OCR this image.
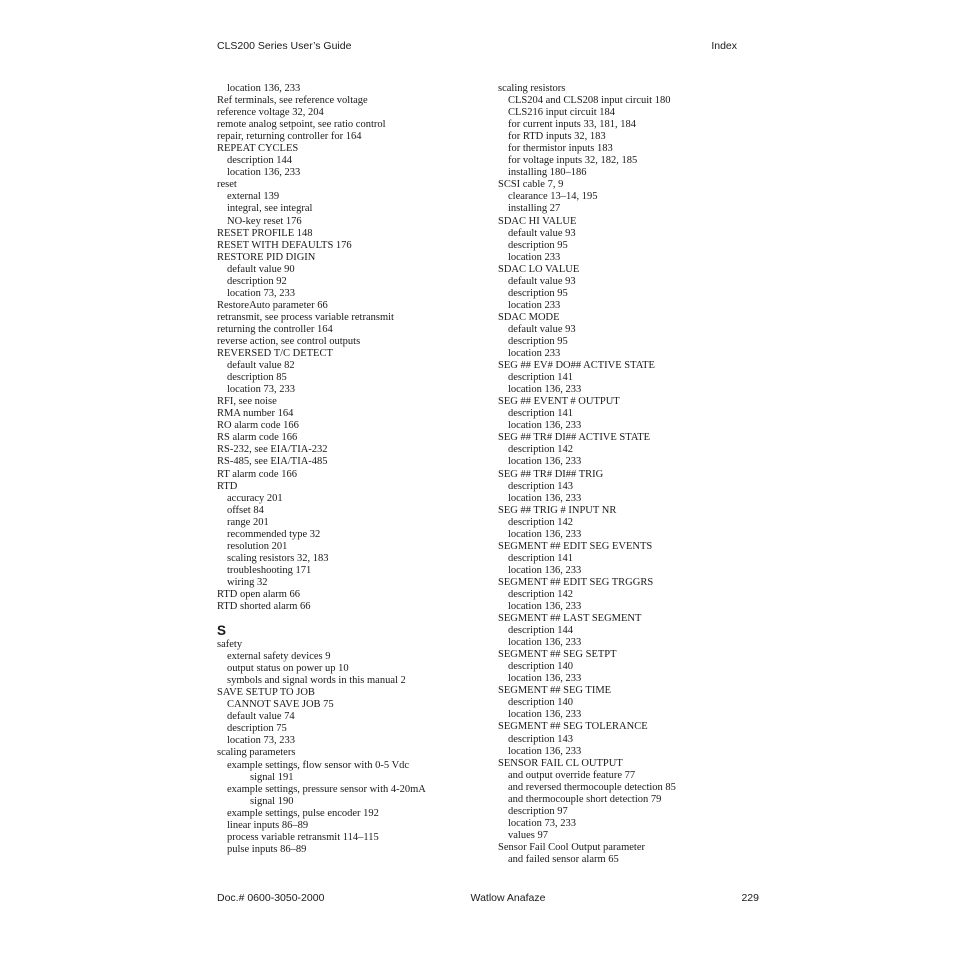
CLS200 Series User’s Guide	Index
location 136, 233
Ref terminals, see reference voltage
reference voltage 32, 204
remote analog setpoint, see ratio control
repair, returning controller for 164
REPEAT CYCLES
description 144
location 136, 233
reset
external 139
integral, see integral
NO-key reset 176
RESET PROFILE 148
RESET WITH DEFAULTS 176
RESTORE PID DIGIN
default value 90
description 92
location 73, 233
RestoreAuto parameter 66
retransmit, see process variable retransmit
returning the controller 164
reverse action, see control outputs
REVERSED T/C DETECT
default value 82
description 85
location 73, 233
RFI, see noise
RMA number 164
RO alarm code 166
RS alarm code 166
RS-232, see EIA/TIA-232
RS-485, see EIA/TIA-485
RT alarm code 166
RTD
accuracy 201
offset 84
range 201
recommended type 32
resolution 201
scaling resistors 32, 183
troubleshooting 171
wiring 32
RTD open alarm 66
RTD shorted alarm 66
S
safety
external safety devices 9
output status on power up 10
symbols and signal words in this manual 2
SAVE SETUP TO JOB
CANNOT SAVE JOB 75
default value 74
description 75
location 73, 233
scaling parameters
example settings, flow sensor with 0-5 Vdc
signal 191
example settings, pressure sensor with 4-20mA
signal 190
example settings, pulse encoder 192
linear inputs 86–89
process variable retransmit 114–115
pulse inputs 86–89
scaling resistors
CLS204 and CLS208 input circuit 180
CLS216 input circuit 184
for current inputs 33, 181, 184
for RTD inputs 32, 183
for thermistor inputs 183
for voltage inputs 32, 182, 185
installing 180–186
SCSI cable 7, 9
clearance 13–14, 195
installing 27
SDAC HI VALUE
default value 93
description 95
location 233
SDAC LO VALUE
default value 93
description 95
location 233
SDAC MODE
default value 93
description 95
location 233
SEG ## EV# DO## ACTIVE STATE
description 141
location 136, 233
SEG ## EVENT # OUTPUT
description 141
location 136, 233
SEG ## TR# DI## ACTIVE STATE
description 142
location 136, 233
SEG ## TR# DI## TRIG
description 143
location 136, 233
SEG ## TRIG # INPUT NR
description 142
location 136, 233
SEGMENT ## EDIT SEG EVENTS
description 141
location 136, 233
SEGMENT ## EDIT SEG TRGGRS
description 142
location 136, 233
SEGMENT ## LAST SEGMENT
description 144
location 136, 233
SEGMENT ## SEG SETPT
description 140
location 136, 233
SEGMENT ## SEG TIME
description 140
location 136, 233
SEGMENT ## SEG TOLERANCE
description 143
location 136, 233
SENSOR FAIL CL OUTPUT
and output override feature 77
and reversed thermocouple detection 85
and thermocouple short detection 79
description 97
location 73, 233
values 97
Sensor Fail Cool Output parameter
and failed sensor alarm 65
Doc.# 0600-3050-2000	Watlow Anafaze	229
